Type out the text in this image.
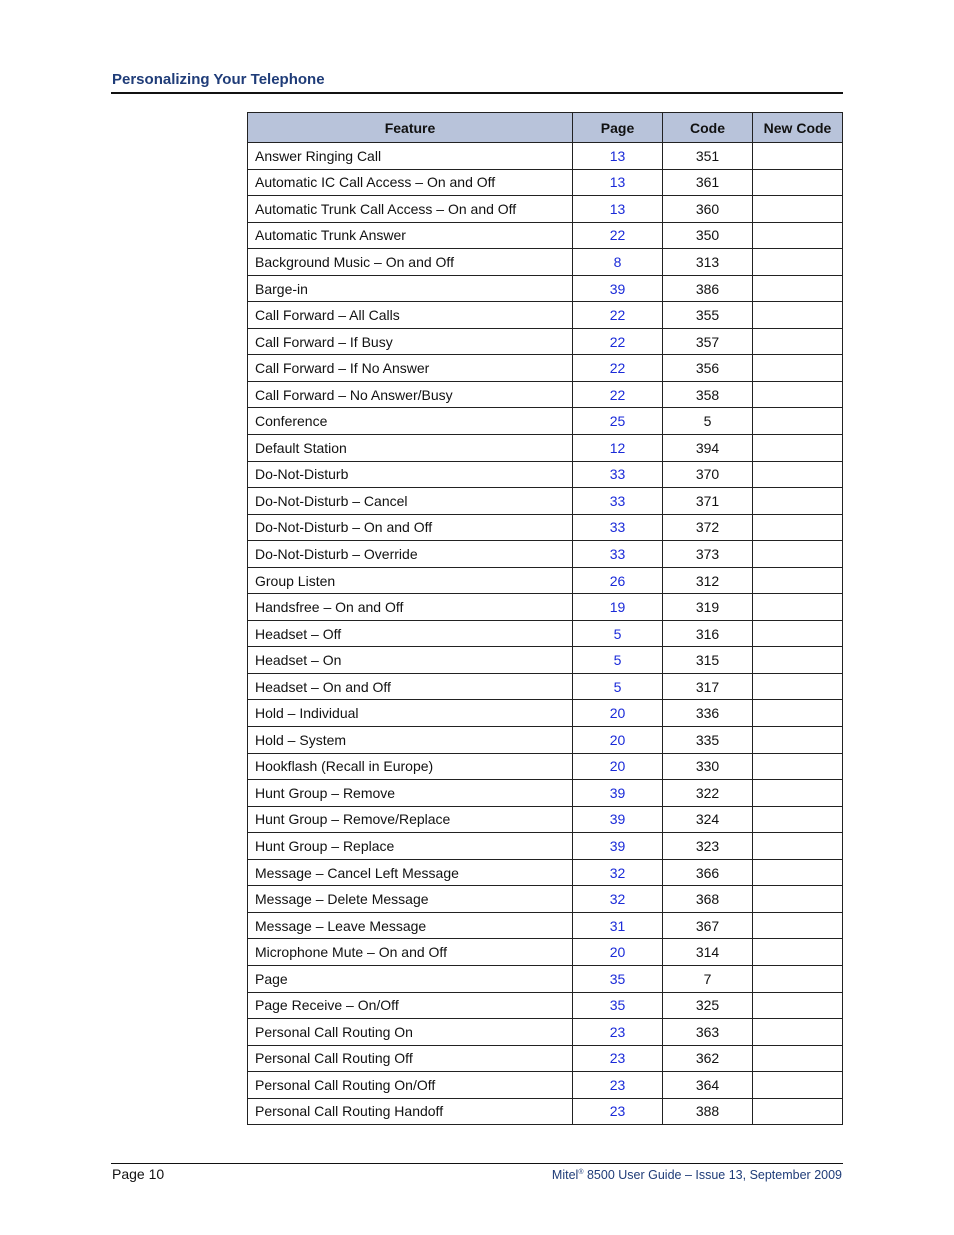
Personalizing Your Telephone
Feature	Page	Code	New Code
Answer Ringing Call	13	351	
Automatic IC Call Access – On and Off	13	361	
Automatic Trunk Call Access – On and Off	13	360	
Automatic Trunk Answer	22	350	
Background Music – On and Off	8	313	
Barge-in	39	386	
Call Forward – All Calls	22	355	
Call Forward – If Busy	22	357	
Call Forward – If No Answer	22	356	
Call Forward – No Answer/Busy	22	358	
Conference	25	5	
Default Station	12	394	
Do-Not-Disturb	33	370	
Do-Not-Disturb – Cancel	33	371	
Do-Not-Disturb – On and Off	33	372	
Do-Not-Disturb – Override	33	373	
Group Listen	26	312	
Handsfree – On and Off	19	319	
Headset – Off	5	316	
Headset – On	5	315	
Headset – On and Off	5	317	
Hold – Individual	20	336	
Hold – System	20	335	
Hookflash (Recall in Europe)	20	330	
Hunt Group – Remove	39	322	
Hunt Group – Remove/Replace	39	324	
Hunt Group – Replace	39	323	
Message – Cancel Left Message	32	366	
Message – Delete Message	32	368	
Message – Leave Message	31	367	
Microphone Mute – On and Off	20	314	
Page	35	7	
Page Receive – On/Off	35	325	
Personal Call Routing On	23	363	
Personal Call Routing Off	23	362	
Personal Call Routing On/Off	23	364	
Personal Call Routing Handoff	23	388	
Page 10	Mitel® 8500 User Guide – Issue 13, September 2009
